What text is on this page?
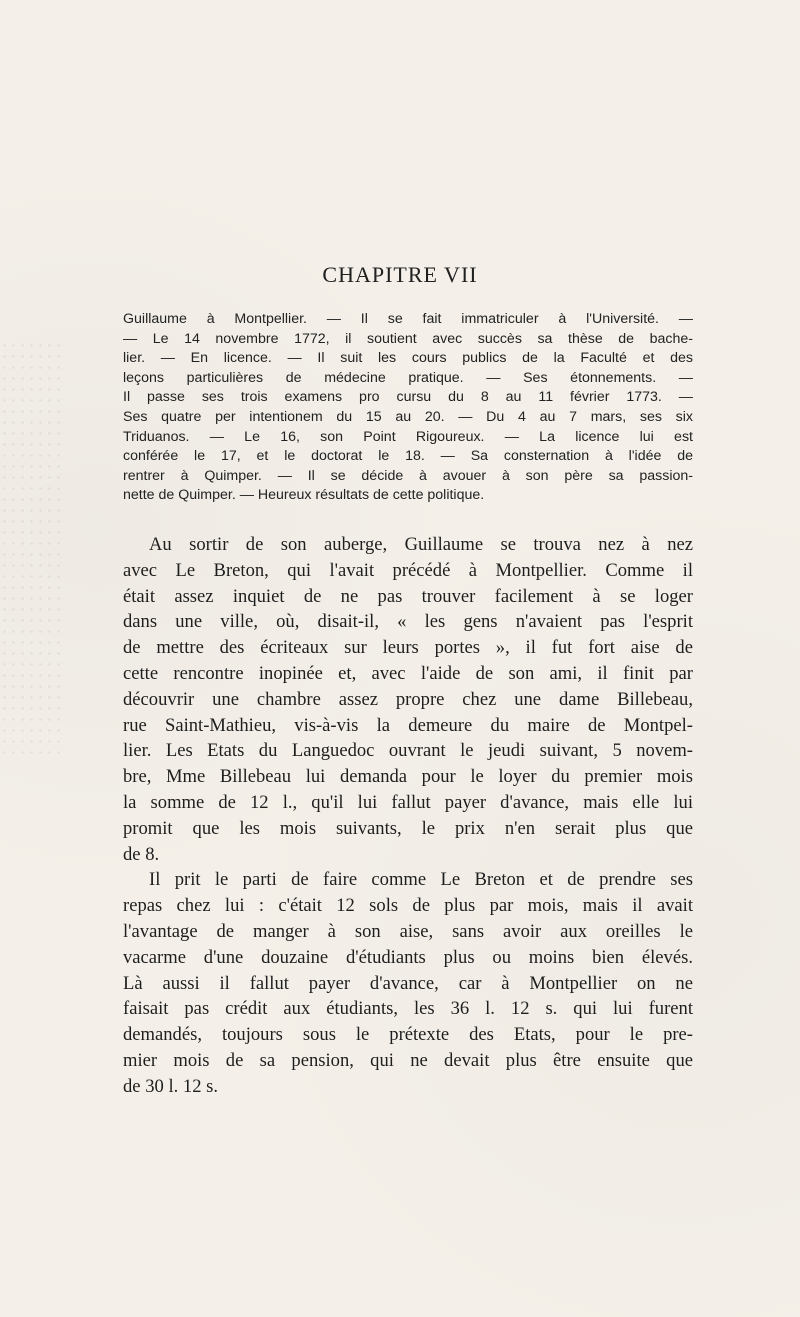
CHAPITRE VII
Guillaume à Montpellier. — Il se fait immatriculer à l'Université. —
— Le 14 novembre 1772, il soutient avec succès sa thèse de bache-
lier. — En licence. — Il suit les cours publics de la Faculté et des
leçons particulières de médecine pratique. — Ses étonnements. —
Il passe ses trois examens pro cursu du 8 au 11 février 1773. —
Ses quatre per intentionem du 15 au 20. — Du 4 au 7 mars, ses six
Triduanos. — Le 16, son Point Rigoureux. — La licence lui est
conférée le 17, et le doctorat le 18. — Sa consternation à l'idée de
rentrer à Quimper. — Il se décide à avouer à son père sa passion-
nette de Quimper. — Heureux résultats de cette politique.
Au sortir de son auberge, Guillaume se trouva nez à nez
avec Le Breton, qui l'avait précédé à Montpellier. Comme il
était assez inquiet de ne pas trouver facilement à se loger
dans une ville, où, disait-il, « les gens n'avaient pas l'esprit
de mettre des écriteaux sur leurs portes », il fut fort aise de
cette rencontre inopinée et, avec l'aide de son ami, il finit par
découvrir une chambre assez propre chez une dame Billebeau,
rue Saint-Mathieu, vis-à-vis la demeure du maire de Montpel-
lier. Les Etats du Languedoc ouvrant le jeudi suivant, 5 novem-
bre, Mme Billebeau lui demanda pour le loyer du premier mois
la somme de 12 l., qu'il lui fallut payer d'avance, mais elle lui
promit que les mois suivants, le prix n'en serait plus que
de 8.
Il prit le parti de faire comme Le Breton et de prendre ses
repas chez lui : c'était 12 sols de plus par mois, mais il avait
l'avantage de manger à son aise, sans avoir aux oreilles le
vacarme d'une douzaine d'étudiants plus ou moins bien élevés.
Là aussi il fallut payer d'avance, car à Montpellier on ne
faisait pas crédit aux étudiants, les 36 l. 12 s. qui lui furent
demandés, toujours sous le prétexte des Etats, pour le pre-
mier mois de sa pension, qui ne devait plus être ensuite que
de 30 l. 12 s.
